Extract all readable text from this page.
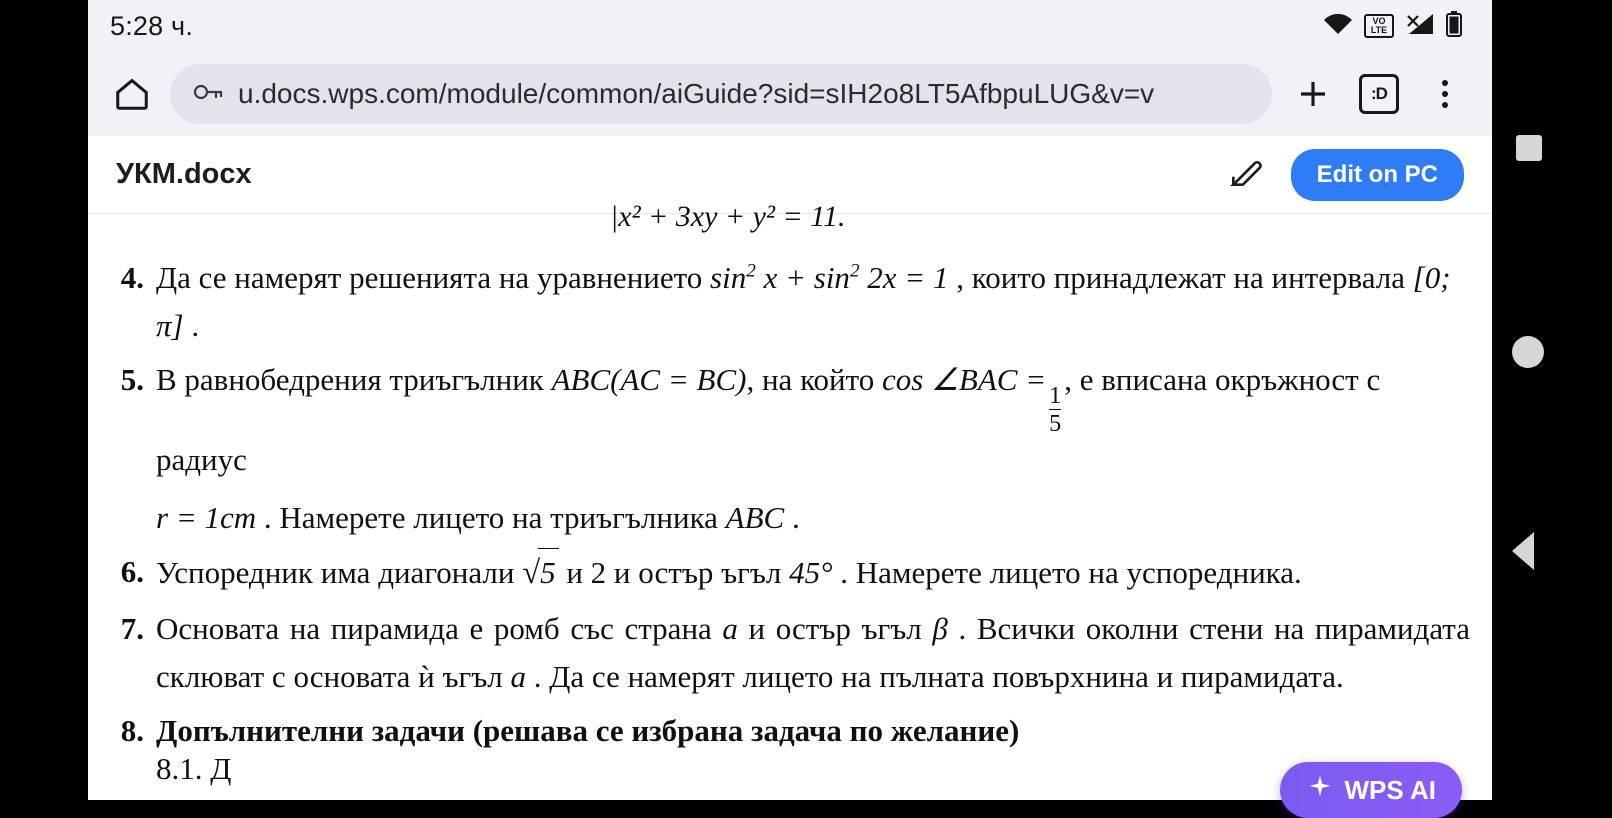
5:28 ч.	VO
LTE
u.docs.wps.com/module/common/aiGuide?sid=sIH2o8LT5AfbpuLUG&v=v	:D
УКМ.docx	Edit on PC
|x² + 3xy + y² = 11.
4. Да се намерят решенията на уравнението $\sin^2 x + \sin^2 2x = 1$ , които принадлежат на интервала [0; π] .
5. В равнобедрения триъгълник ABC(AC = BC), на който cos ∠BAC =
$\frac{1}{5}$
, е вписана окръжност с радиус
r = 1cm . Намерете лицето на триъгълника ABC .
6. Успоредник има диагонали √5 и 2 и остър ъгъл 45° . Намерете лицето на успоредника.
7. Основата на пирамида е ромб със страна a и остър ъгъл β . Всички околни стени на пирамидата склюват с основата ѝ ъгъл a . Да се намерят лицето на пълната повърхнина и пирамидата.
8. Допълнителни задачи (решава се избрана задача по желание)
8.1. Д
WPS AI
